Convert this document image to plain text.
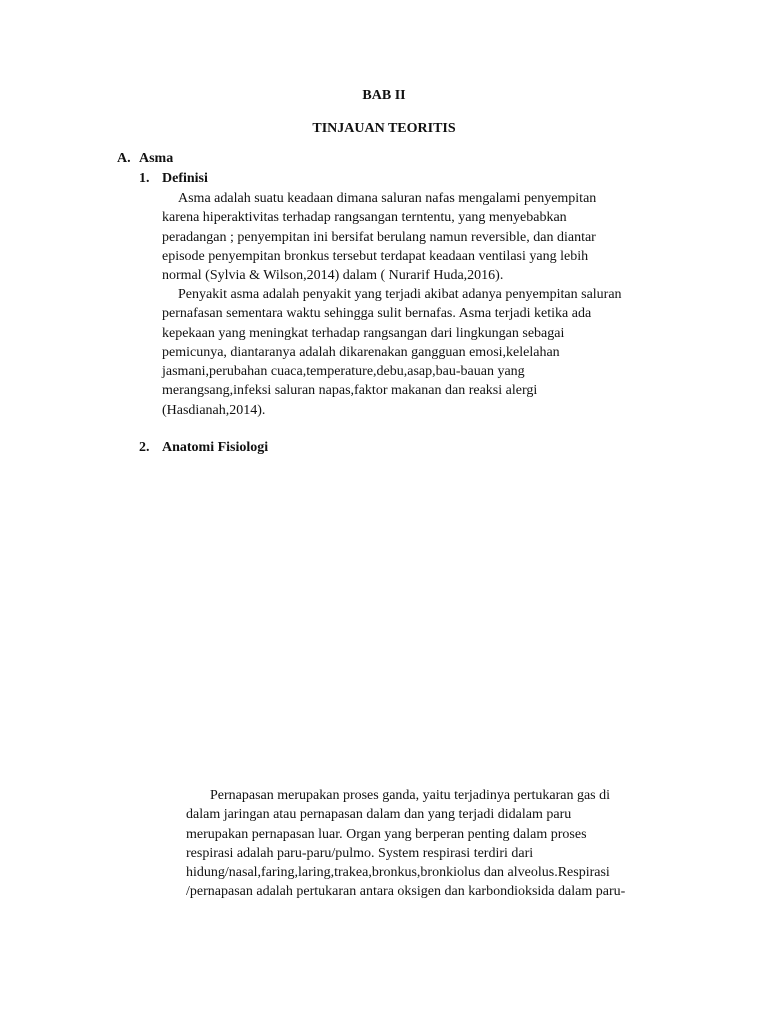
BAB II
TINJAUAN TEORITIS
A. Asma
1. Definisi
Asma adalah suatu keadaan dimana saluran nafas mengalami penyempitan
karena hiperaktivitas terhadap rangsangan terntentu, yang menyebabkan
peradangan ; penyempitan ini bersifat berulang namun reversible, dan diantar
episode penyempitan bronkus tersebut terdapat keadaan ventilasi yang lebih
normal (Sylvia & Wilson,2014) dalam ( Nurarif Huda,2016).
Penyakit asma adalah penyakit yang terjadi akibat adanya penyempitan saluran
pernafasan sementara waktu sehingga sulit bernafas. Asma terjadi ketika ada
kepekaan yang meningkat terhadap rangsangan dari lingkungan sebagai
pemicunya, diantaranya adalah dikarenakan gangguan emosi,kelelahan
jasmani,perubahan cuaca,temperature,debu,asap,bau-bauan yang
merangsang,infeksi saluran napas,faktor makanan dan reaksi alergi
(Hasdianah,2014).
2. Anatomi Fisiologi
Pernapasan merupakan proses ganda, yaitu terjadinya pertukaran gas di
dalam jaringan atau pernapasan dalam dan yang terjadi didalam paru
merupakan pernapasan luar. Organ yang berperan penting dalam proses
respirasi adalah paru-paru/pulmo. System respirasi terdiri dari
hidung/nasal,faring,laring,trakea,bronkus,bronkiolus dan alveolus.Respirasi
/pernapasan adalah pertukaran antara oksigen dan karbondioksida dalam paru-
